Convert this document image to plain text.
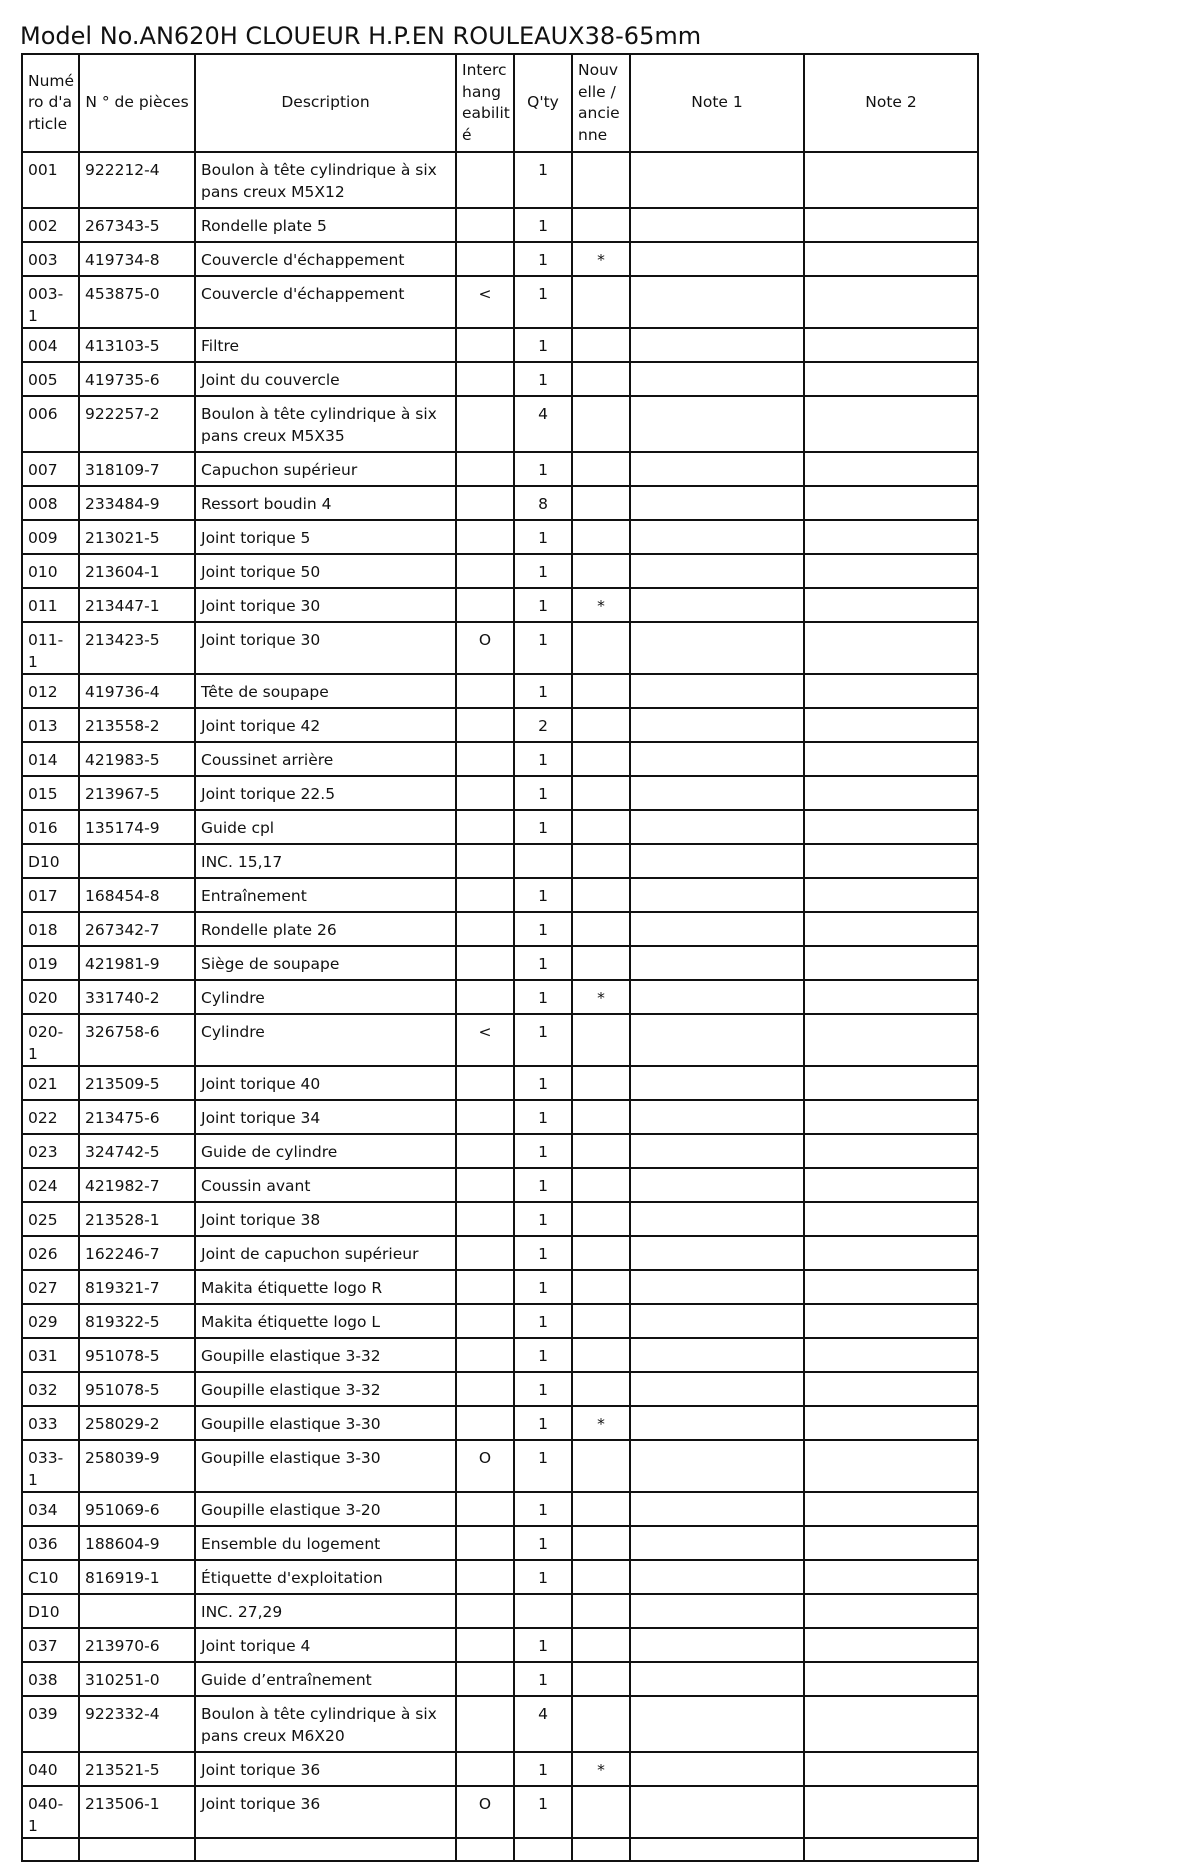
Model No.AN620H CLOUEUR H.P.EN ROULEAUX38-65mm
Numé ro d'a rticle	N ° de pièces	Description	Interc hang eabilit é	Q'ty	Nouv elle / ancie nne	Note 1	Note 2
001	922212-4	Boulon à tête cylindrique à six pans creux M5X12		1			
002	267343-5	Rondelle plate 5		1			
003	419734-8	Couvercle d'échappement		1	*		
003-1	453875-0	Couvercle d'échappement	<	1			
004	413103-5	Filtre		1			
005	419735-6	Joint du couvercle		1			
006	922257-2	Boulon à tête cylindrique à six pans creux M5X35		4			
007	318109-7	Capuchon supérieur		1			
008	233484-9	Ressort boudin 4		8			
009	213021-5	Joint torique 5		1			
010	213604-1	Joint torique 50		1			
011	213447-1	Joint torique 30		1	*		
011-1	213423-5	Joint torique 30	O	1			
012	419736-4	Tête de soupape		1			
013	213558-2	Joint torique 42		2			
014	421983-5	Coussinet arrière		1			
015	213967-5	Joint torique 22.5		1			
016	135174-9	Guide cpl		1			
D10		INC. 15,17					
017	168454-8	Entraînement		1			
018	267342-7	Rondelle plate 26		1			
019	421981-9	Siège de soupape		1			
020	331740-2	Cylindre		1	*		
020-1	326758-6	Cylindre	<	1			
021	213509-5	Joint torique 40		1			
022	213475-6	Joint torique 34		1			
023	324742-5	Guide de cylindre		1			
024	421982-7	Coussin avant		1			
025	213528-1	Joint torique 38		1			
026	162246-7	Joint de capuchon supérieur		1			
027	819321-7	Makita étiquette logo R		1			
029	819322-5	Makita étiquette logo L		1			
031	951078-5	Goupille elastique 3-32		1			
032	951078-5	Goupille elastique 3-32		1			
033	258029-2	Goupille elastique 3-30		1	*		
033-1	258039-9	Goupille elastique 3-30	O	1			
034	951069-6	Goupille elastique 3-20		1			
036	188604-9	Ensemble du logement		1			
C10	816919-1	Étiquette d'exploitation		1			
D10		INC. 27,29					
037	213970-6	Joint torique 4		1			
038	310251-0	Guide d’entraînement		1			
039	922332-4	Boulon à tête cylindrique à six pans creux M6X20		4			
040	213521-5	Joint torique 36		1	*		
040-1	213506-1	Joint torique 36	O	1			
